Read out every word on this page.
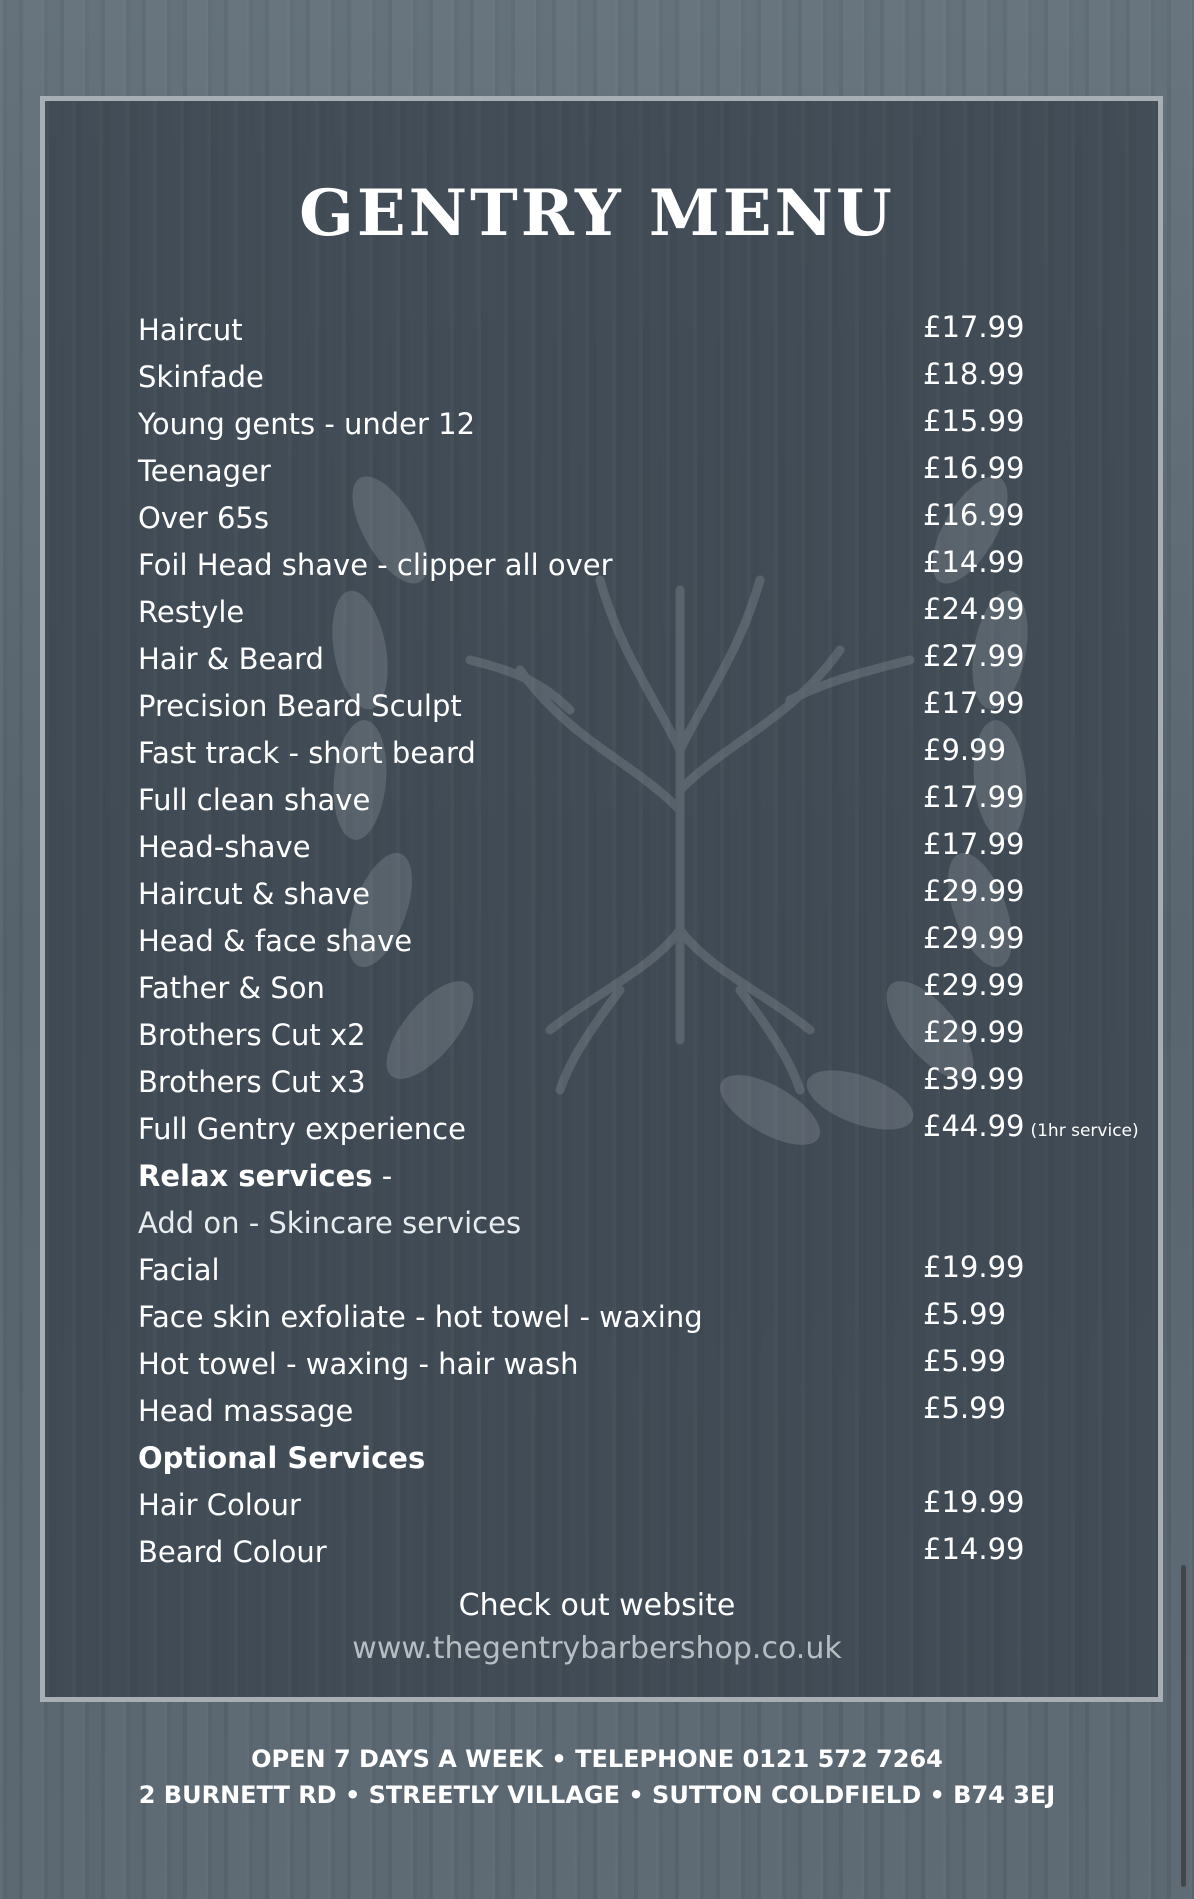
GENTRY MENU
Haircut	£17.99
Skinfade	£18.99
Young gents - under 12	£15.99
Teenager	£16.99
Over 65s	£16.99
Foil Head shave - clipper all over	£14.99
Restyle	£24.99
Hair & Beard	£27.99
Precision Beard Sculpt	£17.99
Fast track - short beard	£9.99
Full clean shave	£17.99
Head-shave	£17.99
Haircut & shave	£29.99
Head & face shave	£29.99
Father & Son	£29.99
Brothers Cut x2	£29.99
Brothers Cut x3	£39.99
Full Gentry experience	£44.99 (1hr service)
Relax services -
Add on - Skincare services
Facial	£19.99
Face skin exfoliate - hot towel - waxing	£5.99
Hot towel - waxing - hair wash	£5.99
Head massage	£5.99
Optional Services
Hair Colour	£19.99
Beard Colour	£14.99
Check out website
www.thegentrybarbershop.co.uk
OPEN 7 DAYS A WEEK • TELEPHONE 0121 572 7264
2 BURNETT RD • STREETLY VILLAGE • SUTTON COLDFIELD • B74 3EJ
